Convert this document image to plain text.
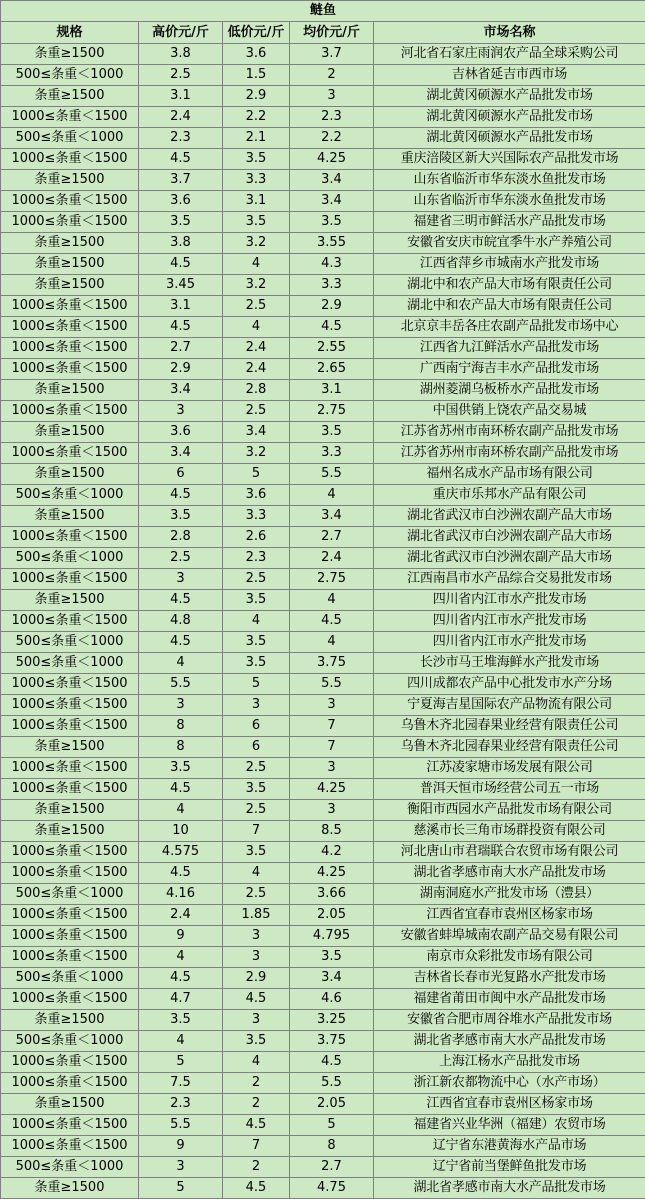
鲢鱼				
规格	高价元/斤	低价元/斤	均价元/斤	市场名称
条重≥1500	3.8	3.6	3.7	河北省石家庄雨润农产品全球采购公司
500≤条重＜1000	2.5	1.5	2	吉林省延吉市西市场
条重≥1500	3.1	2.9	3	湖北黄冈硕源水产品批发市场
1000≤条重＜1500	2.4	2.2	2.3	湖北黄冈硕源水产品批发市场
500≤条重＜1000	2.3	2.1	2.2	湖北黄冈硕源水产品批发市场
1000≤条重＜1500	4.5	3.5	4.25	重庆涪陵区新大兴国际农产品批发市场
条重≥1500	3.7	3.3	3.4	山东省临沂市华东淡水鱼批发市场
1000≤条重＜1500	3.6	3.1	3.4	山东省临沂市华东淡水鱼批发市场
1000≤条重＜1500	3.5	3.5	3.5	福建省三明市鲜活水产品批发市场
条重≥1500	3.8	3.2	3.55	安徽省安庆市皖宜季牛水产养殖公司
条重≥1500	4.5	4	4.3	江西省萍乡市城南水产批发市场
条重≥1500	3.45	3.2	3.3	湖北中和农产品大市场有限责任公司
1000≤条重＜1500	3.1	2.5	2.9	湖北中和农产品大市场有限责任公司
1000≤条重＜1500	4.5	4	4.5	北京京丰岳各庄农副产品批发市场中心
1000≤条重＜1500	2.7	2.4	2.55	江西省九江鲜活水产品批发市场
1000≤条重＜1500	2.9	2.4	2.65	广西南宁海吉丰水产品批发市场
条重≥1500	3.4	2.8	3.1	湖州菱湖乌板桥水产品批发市场
1000≤条重＜1500	3	2.5	2.75	中国供销上饶农产品交易城
条重≥1500	3.6	3.4	3.5	江苏省苏州市南环桥农副产品批发市场
1000≤条重＜1500	3.4	3.2	3.3	江苏省苏州市南环桥农副产品批发市场
条重≥1500	6	5	5.5	福州名成水产品市场有限公司
500≤条重＜1000	4.5	3.6	4	重庆市乐邦水产品有限公司
条重≥1500	3.5	3.3	3.4	湖北省武汉市白沙洲农副产品大市场
1000≤条重＜1500	2.8	2.6	2.7	湖北省武汉市白沙洲农副产品大市场
500≤条重＜1000	2.5	2.3	2.4	湖北省武汉市白沙洲农副产品大市场
1000≤条重＜1500	3	2.5	2.75	江西南昌市水产品综合交易批发市场
条重≥1500	4.5	3.5	4	四川省内江市水产批发市场
1000≤条重＜1500	4.8	4	4.5	四川省内江市水产批发市场
500≤条重＜1000	4.5	3.5	4	四川省内江市水产批发市场
500≤条重＜1000	4	3.5	3.75	长沙市马王堆海鲜水产批发市场
1000≤条重＜1500	5.5	5	5.5	四川成都农产品中心批发市水产分场
1000≤条重＜1500	3	3	3	宁夏海吉星国际农产品物流有限公司
1000≤条重＜1500	8	6	7	乌鲁木齐北园春果业经营有限责任公司
条重≥1500	8	6	7	乌鲁木齐北园春果业经营有限责任公司
1000≤条重＜1500	3.5	2.5	3	江苏凌家塘市场发展有限公司
1000≤条重＜1500	4.5	3.5	4.25	普洱天恒市场经营公司五一市场
条重≥1500	4	2.5	3	衡阳市西园水产品批发市场有限公司
条重≥1500	10	7	8.5	慈溪市长三角市场群投资有限公司
1000≤条重＜1500	4.575	3.5	4.2	河北唐山市君瑞联合农贸市场有限公司
1000≤条重＜1500	4.5	4	4.25	湖北省孝感市南大水产品批发市场
500≤条重＜1000	4.16	2.5	3.66	湖南洞庭水产批发市场（澧县）
1000≤条重＜1500	2.4	1.85	2.05	江西省宜春市袁州区杨家市场
1000≤条重＜1500	9	3	4.795	安徽省蚌埠城南农副产品交易有限公司
1000≤条重＜1500	4	3	3.5	南京市众彩批发市场有限公司
500≤条重＜1000	4.5	2.9	3.4	吉林省长春市光复路水产批发市场
1000≤条重＜1500	4.7	4.5	4.6	福建省莆田市闽中水产品批发市场
条重≥1500	3.5	3	3.25	安徽省合肥市周谷堆水产品批发市场
500≤条重＜1000	4	3.5	3.75	湖北省孝感市南大水产品批发市场
1000≤条重＜1500	5	4	4.5	上海江杨水产品批发市场
1000≤条重＜1500	7.5	2	5.5	浙江新农都物流中心（水产市场）
条重≥1500	2.3	2	2.05	江西省宜春市袁州区杨家市场
1000≤条重＜1500	5.5	4.5	5	福建省兴业华洲（福建）农贸市场
1000≤条重＜1500	9	7	8	辽宁省东港黄海水产品市场
500≤条重＜1000	3	2	2.7	辽宁省前当堡鲜鱼批发市场
条重≥1500	5	4.5	4.75	湖北省孝感市南大水产品批发市场
